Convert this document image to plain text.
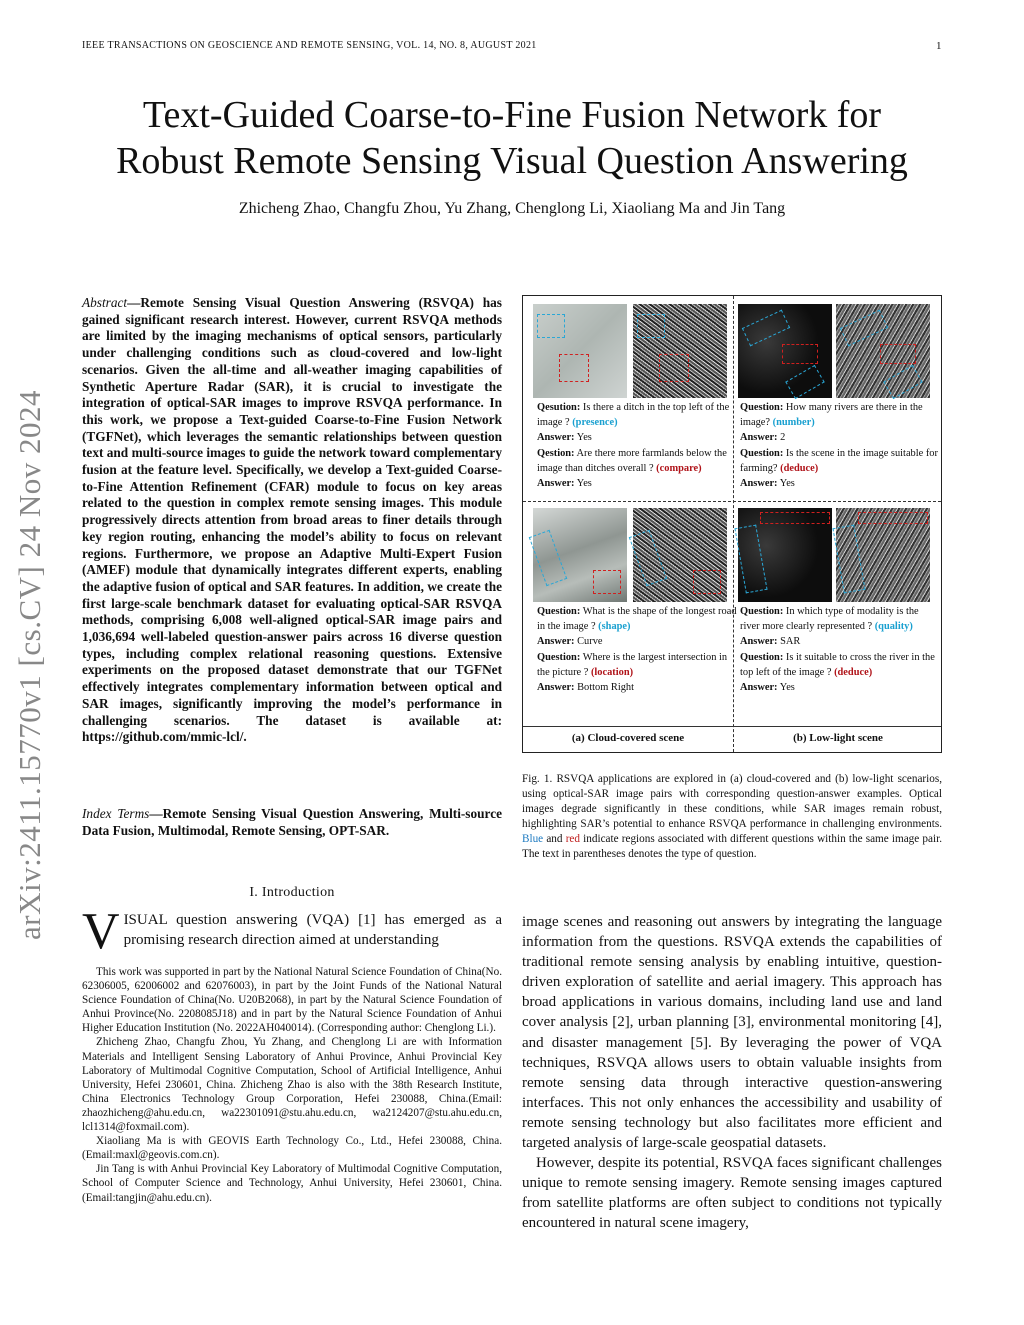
IEEE TRANSACTIONS ON GEOSCIENCE AND REMOTE SENSING, VOL. 14, NO. 8, AUGUST 2021	1
Text-Guided Coarse-to-Fine Fusion Network for
Robust Remote Sensing Visual Question Answering
Zhicheng Zhao, Changfu Zhou, Yu Zhang, Chenglong Li, Xiaoliang Ma and Jin Tang
arXiv:2411.15770v1 [cs.CV] 24 Nov 2024
Abstract—Remote Sensing Visual Question Answering (RSVQA) has gained significant research interest. However, current RSVQA methods are limited by the imaging mechanisms of optical sensors, particularly under challenging conditions such as cloud-covered and low-light scenarios. Given the all-time and all-weather imaging capabilities of Synthetic Aperture Radar (SAR), it is crucial to investigate the integration of optical-SAR images to improve RSVQA performance. In this work, we propose a Text-guided Coarse-to-Fine Fusion Network (TGFNet), which leverages the semantic relationships between question text and multi-source images to guide the network toward complementary fusion at the feature level. Specifically, we develop a Text-guided Coarse-to-Fine Attention Refinement (CFAR) module to focus on key areas related to the question in complex remote sensing images. This module progressively directs attention from broad areas to finer details through key region routing, enhancing the model’s ability to focus on relevant regions. Furthermore, we propose an Adaptive Multi-Expert Fusion (AMEF) module that dynamically integrates different experts, enabling the adaptive fusion of optical and SAR features. In addition, we create the first large-scale benchmark dataset for evaluating optical-SAR RSVQA methods, comprising 6,008 well-aligned optical-SAR image pairs and 1,036,694 well-labeled question-answer pairs across 16 diverse question types, including complex relational reasoning questions. Extensive experiments on the proposed dataset demonstrate that our TGFNet effectively integrates complementary information between optical and SAR images, significantly improving the model’s performance in challenging scenarios. The dataset is available at: https://github.com/mmic-lcl/.
Index Terms—Remote Sensing Visual Question Answering, Multi-source Data Fusion, Multimodal, Remote Sensing, OPT-SAR.
I. Introduction
VISUAL question answering (VQA) [1] has emerged as a promising research direction aimed at understanding

This work was supported in part by the National Natural Science Foundation of China(No. 62306005, 62006002 and 62076003), in part by the Joint Funds of the National Natural Science Foundation of China(No. U20B2068), in part by the Natural Science Foundation of Anhui Province(No. 2208085J18) and in part by the Natural Science Foundation of Anhui Higher Education Institution (No. 2022AH040014). (Corresponding author: Chenglong Li.).

Zhicheng Zhao, Changfu Zhou, Yu Zhang, and Chenglong Li are with Information Materials and Intelligent Sensing Laboratory of Anhui Province, Anhui Provincial Key Laboratory of Multimodal Cognitive Computation, School of Artificial Intelligence, Anhui University, Hefei 230601, China. Zhicheng Zhao is also with the 38th Research Institute, China Electronics Technology Group Corporation, Hefei 230088, China.(Email: zhaozhicheng@ahu.edu.cn, wa22301091@stu.ahu.edu.cn, wa2124207@stu.ahu.edu.cn, lcl1314@foxmail.com).

Xiaoliang Ma is with GEOVIS Earth Technology Co., Ltd., Hefei 230088, China. (Email:maxl@geovis.com.cn).

Jin Tang is with Anhui Provincial Key Laboratory of Multimodal Cognitive Computation, School of Computer Science and Technology, Anhui University, Hefei 230601, China. (Email:tangjin@ahu.edu.cn).

Qesution: Is there a ditch in the top left of the image ? (presence)
Answer: Yes
Qestion: Are there more farmlands below the image than ditches overall ? (compare)
Answer: Yes
Question: How many rivers are there in the image? (number)
Answer: 2
Question: Is the scene in the image suitable for farming? (deduce)
Answer: Yes
Question: What is the shape of the longest road in the image ? (shape)
Answer: Curve
Question: Where is the largest intersection in the picture ? (location)
Answer: Bottom Right
Question: In which type of modality is the river more clearly represented ? (quality)
Answer: SAR
Question: Is it suitable to cross the river in the top left of the image ? (deduce)
Answer: Yes
(a) Cloud-covered scene	(b) Low-light scene
Fig. 1. RSVQA applications are explored in (a) cloud-covered and (b) low-light scenarios, using optical-SAR image pairs with corresponding question-answer examples. Optical images degrade significantly in these conditions, while SAR images remain robust, highlighting SAR’s potential to enhance RSVQA performance in challenging environments. Blue and red indicate regions associated with different questions within the same image pair. The text in parentheses denotes the type of question.

image scenes and reasoning out answers by integrating the language information from the questions. RSVQA extends the capabilities of traditional remote sensing analysis by enabling intuitive, question-driven exploration of satellite and aerial imagery. This approach has broad applications in various domains, including land use and land cover analysis [2], urban planning [3], environmental monitoring [4], and disaster management [5]. By leveraging the power of VQA techniques, RSVQA allows users to obtain valuable insights from remote sensing data through interactive question-answering interfaces. This not only enhances the accessibility and usability of remote sensing technology but also facilitates more efficient and targeted analysis of large-scale geospatial datasets.

However, despite its potential, RSVQA faces significant challenges unique to remote sensing imagery. Remote sensing images captured from satellite platforms are often subject to conditions not typically encountered in natural scene imagery,
